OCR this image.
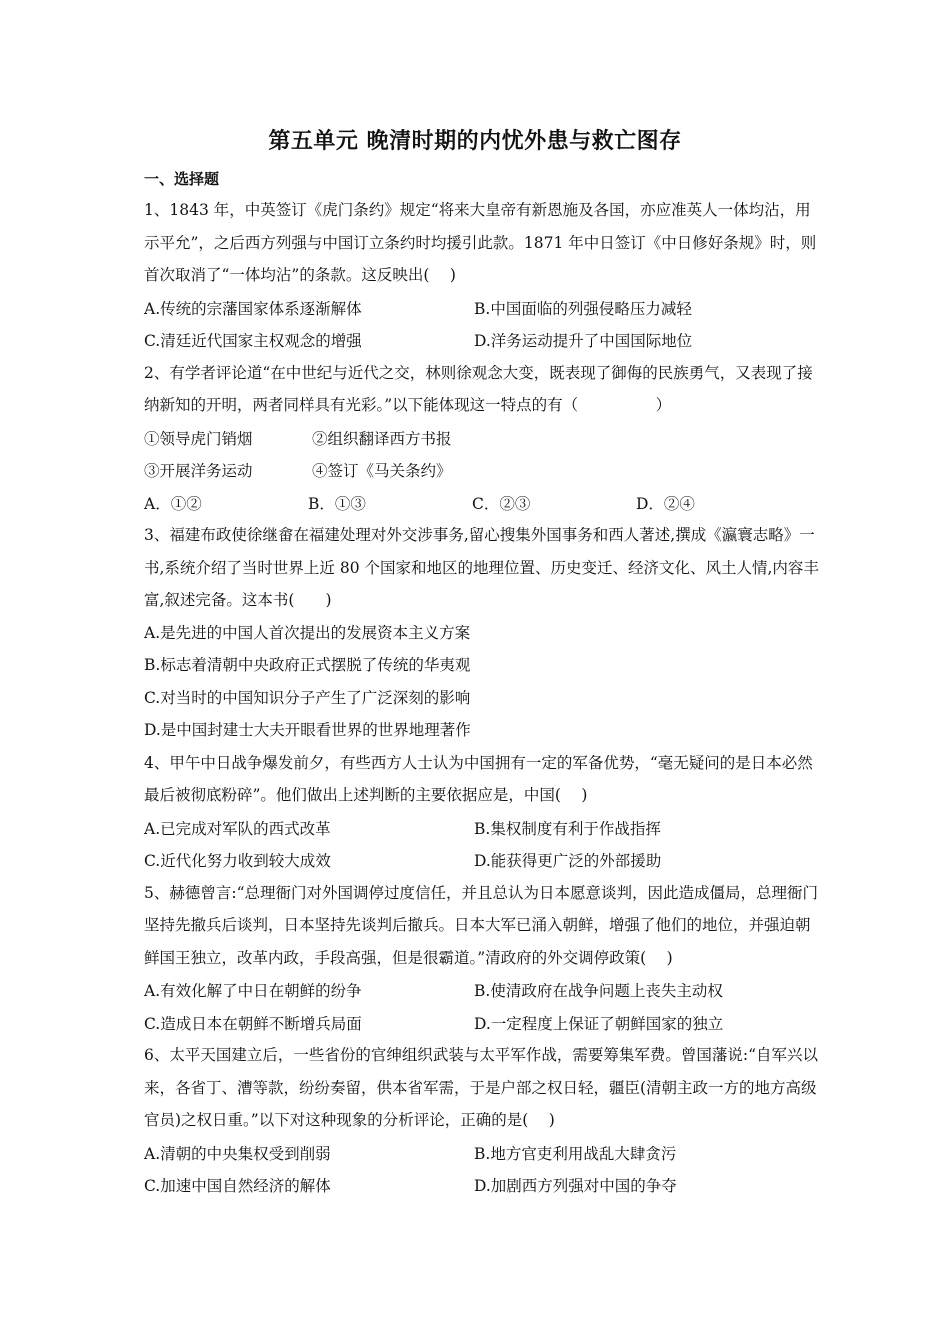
第五单元 晚清时期的内忧外患与救亡图存
一、选择题

1、1843 年，中英签订《虎门条约》规定“将来大皇帝有新恩施及各国，亦应准英人一体均沾，用示平允”，之后西方列强与中国订立条约时均援引此款。1871 年中日签订《中日修好条规》时，则首次取消了“一体均沾”的条款。这反映出(　 )

A.传统的宗藩国家体系逐渐解体	B.中国面临的列强侵略压力减轻
C.清廷近代国家主权观念的增强	D.洋务运动提升了中国国际地位

2、有学者评论道“在中世纪与近代之交，林则徐观念大变，既表现了御侮的民族勇气，又表现了接纳新知的开明，两者同样具有光彩。”以下能体现这一特点的有（　　　　　）

①领导虎门销烟	②组织翻译西方书报
③开展洋务运动	④签订《马关条约》
A．①②	B．①③	C．②③	D．②④

3、福建布政使徐继畲在福建处理对外交涉事务,留心搜集外国事务和西人著述,撰成《瀛寰志略》一书,系统介绍了当时世界上近 80 个国家和地区的地理位置、历史变迁、经济文化、风土人情,内容丰富,叙述完备。这本书(　　)

A.是先进的中国人首次提出的发展资本主义方案
B.标志着清朝中央政府正式摆脱了传统的华夷观
C.对当时的中国知识分子产生了广泛深刻的影响
D.是中国封建士大夫开眼看世界的世界地理著作

4、甲午中日战争爆发前夕，有些西方人士认为中国拥有一定的军备优势，“毫无疑问的是日本必然最后被彻底粉碎”。他们做出上述判断的主要依据应是，中国(　 )

A.已完成对军队的西式改革	B.集权制度有利于作战指挥
C.近代化努力收到较大成效	D.能获得更广泛的外部援助

5、赫德曾言:“总理衙门对外国调停过度信任，并且总认为日本愿意谈判，因此造成僵局，总理衙门坚持先撤兵后谈判，日本坚持先谈判后撤兵。日本大军已涌入朝鲜，增强了他们的地位，并强迫朝鲜国王独立，改革内政，手段高强，但是很霸道。”清政府的外交调停政策(　 )

A.有效化解了中日在朝鲜的纷争	B.使清政府在战争问题上丧失主动权
C.造成日本在朝鲜不断增兵局面	D.一定程度上保证了朝鲜国家的独立

6、太平天国建立后，一些省份的官绅组织武装与太平军作战，需要筹集军费。曾国藩说:“自军兴以来，各省丁、漕等款，纷纷奏留，供本省军需，于是户部之权日轻，疆臣(清朝主政一方的地方高级官员)之权日重。”以下对这种现象的分析评论，正确的是(　 )

A.清朝的中央集权受到削弱	B.地方官吏利用战乱大肆贪污
C.加速中国自然经济的解体	D.加剧西方列强对中国的争夺
